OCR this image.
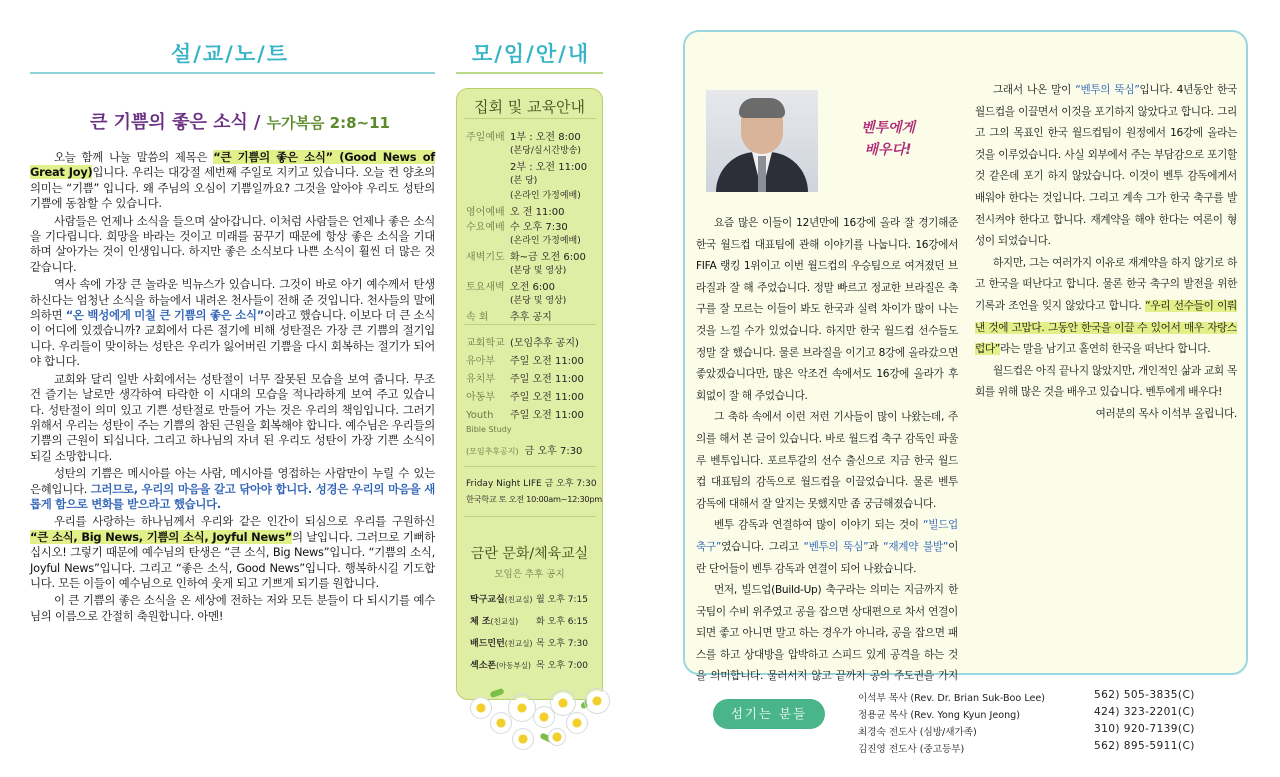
설/교/노/트	모/임/안/내
큰 기쁨의 좋은 소식 / 누가복음 2:8~11

오늘 함께 나눌 말씀의 제목은 “큰 기쁨의 좋은 소식” (Good News of Great Joy)입니다. 우리는 대강절 세번째 주일로 지키고 있습니다. 오늘 켠 양초의 의미는 “기쁨” 입니다. 왜 주님의 오심이 기쁨일까요? 그것을 알아야 우리도 성탄의 기쁨에 동참할 수 있습니다.

사람들은 언제나 소식을 들으며 살아갑니다. 이처럼 사람들은 언제나 좋은 소식을 기다립니다. 희망을 바라는 것이고 미래를 꿈꾸기 때문에 항상 좋은 소식을 기대하며 살아가는 것이 인생입니다. 하지만 좋은 소식보다 나쁜 소식이 훨씬 더 많은 것 같습니다.

역사 속에 가장 큰 놀라운 빅뉴스가 있습니다. 그것이 바로 아기 예수께서 탄생하신다는 엄청난 소식을 하늘에서 내려온 천사들이 전해 준 것입니다. 천사들의 말에 의하면 “온 백성에게 미칠 큰 기쁨의 좋은 소식”이라고 했습니다. 이보다 더 큰 소식이 어디에 있겠습니까? 교회에서 다른 절기에 비해 성탄절은 가장 큰 기쁨의 절기입니다. 우리들이 맞이하는 성탄은 우리가 잃어버린 기쁨을 다시 회복하는 절기가 되어야 합니다.

교회와 달리 일반 사회에서는 성탄절이 너무 잘못된 모습을 보여 줍니다. 무조건 즐기는 날로만 생각하여 타락한 이 시대의 모습을 적나라하게 보여 주고 있습니다. 성탄절이 의미 있고 기쁜 성탄절로 만들어 가는 것은 우리의 책임입니다. 그러기 위해서 우리는 성탄이 주는 기쁨의 참된 근원을 회복해야 합니다. 예수님은 우리들의 기쁨의 근원이 되십니다. 그리고 하나님의 자녀 된 우리도 성탄이 가장 기쁜 소식이 되길 소망합니다.

성탄의 기쁨은 메시아를 아는 사람, 메시아를 영접하는 사람만이 누릴 수 있는 은혜입니다. 그러므로, 우리의 마음을 갈고 닦아야 합니다. 성경은 우리의 마음을 새롭게 함으로 변화를 받으라고 했습니다.

우리를 사랑하는 하나님께서 우리와 같은 인간이 되심으로 우리를 구원하신 “큰 소식, Big News, 기쁨의 소식, Joyful News”의 날입니다. 그러므로 기뻐하십시오! 그렇기 때문에 예수님의 탄생은 “큰 소식, Big News”입니다. “기쁨의 소식, Joyful News”입니다. 그리고 “좋은 소식, Good News”입니다. 행복하시길 기도합니다. 모든 이들이 예수님으로 인하여 웃게 되고 기쁘게 되기를 원합니다.

이 큰 기쁨의 좋은 소식을 온 세상에 전하는 저와 모든 분들이 다 되시기를 예수님의 이름으로 간절히 축원합니다. 아멘!

집회 및 교육안내
주일예배 1부 : 오전 8:00
(본당/실시간방송)
2부 : 오전 11:00
(본 당)
(온라인 가정예배)
영어예배 오 전 11:00
수요예배 수 오후 7:30
(온라인 가정예배)
새벽기도 화~금 오전 6:00
(본당 및 영상)
토요새벽 오전 6:00
(본당 및 영상)
속 회 추후 공지
교회학교 (모임추후 공지)
유아부 주일 오전 11:00
유치부 주일 오전 11:00
아동부 주일 오전 11:00
Youth 주일 오전 11:00
Bible Study
(모임추후공지) 금 오후 7:30
Friday Night LIFE 금 오후 7:30
한국학교 토 오전 10:00am~12:30pm
금란 문화/체육교실
모임은 추후 공지
탁구교실(친교실) 월 오후 7:15
체 조(친교실) 화 오후 6:15
배드민턴(친교실) 목 오후 7:30
섹소폰(아동부실) 목 오후 7:00
벤투에게
배우다!

요즘 많은 이들이 12년만에 16강에 올라 잘 경기해준 한국 월드컵 대표팀에 관해 이야기를 나눕니다. 16강에서 FIFA 랭킹 1위이고 이번 월드컵의 우승팀으로 여겨졌던 브라질과 잘 해 주었습니다. 정말 빠르고 정교한 브라질은 축구를 잘 모르는 이들이 봐도 한국과 실력 차이가 많이 나는 것을 느낄 수가 있었습니다. 하지만 한국 월드컵 선수들도 정말 잘 했습니다. 물론 브라질을 이기고 8강에 올라갔으면 좋았겠습니다만, 많은 악조건 속에서도 16강에 올라가 후회없이 잘 해 주었습니다.

그 축하 속에서 이런 저런 기사들이 많이 나왔는데, 주의를 해서 본 글이 있습니다. 바로 월드컵 축구 감독인 파울루 벤투입니다. 포르투갈의 선수 출신으로 지금 한국 월드컵 대표팀의 감독으로 월드컵을 이끌었습니다. 물론 벤투 감독에 대해서 잘 알지는 못했지만 좀 궁금해졌습니다.

벤투 감독과 연결하여 많이 이야기 되는 것이 “빌드업 축구”였습니다. 그리고 “벤투의 뚝심”과 “재계약 불발”이란 단어들이 벤투 감독과 연결이 되어 나왔습니다.

먼저, 빌드업(Build-Up) 축구라는 의미는 지금까지 한국팀이 수비 위주였고 공을 잡으면 상대편으로 차서 연결이 되면 좋고 아니면 말고 하는 경우가 아니라, 공을 잡으면 패스를 하고 상대방을 압박하고 스피드 있게 공격을 하는 것을 의미합니다. 물러서지 않고 끝까지 공의 주도권을 가지

그래서 나온 말이 “벤투의 뚝심”입니다. 4년동안 한국 월드컵을 이끌면서 이것을 포기하지 않았다고 합니다. 그리고 그의 목표인 한국 월드컵팀이 원정에서 16강에 올라는 것을 이루었습니다. 사실 외부에서 주는 부담감으로 포기할 것 같은데 포기 하지 않았습니다. 이것이 벤투 감독에게서 배워야 한다는 것입니다. 그리고 계속 그가 한국 축구를 발전시켜야 한다고 합니다. 재계약을 해야 한다는 여론이 형성이 되었습니다.

하지만, 그는 여러가지 이유로 재계약을 하지 않기로 하고 한국을 떠난다고 합니다. 물론 한국 축구의 발전을 위한 기록과 조언을 잊지 않았다고 합니다. “우리 선수들이 이뤄낸 것에 고맙다. 그동안 한국을 이끌 수 있어서 매우 자랑스럽다”라는 말을 남기고 홀연히 한국을 떠난다 합니다.

월드컵은 아직 끝나지 않았지만, 개인적인 삶과 교회 목회를 위해 많은 것을 배우고 있습니다. 벤투에게 배우다!

여러분의 목사 이석부 올립니다.

섬기는 분들
이석부 목사 (Rev. Dr. Brian Suk-Boo Lee)	562) 505-3835(C)
정용균 목사 (Rev. Yong Kyun Jeong)	424) 323-2201(C)
최경숙 전도사 (심방/새가족)	310) 920-7139(C)
김진영 전도사 (중고등부)	562) 895-5911(C)
